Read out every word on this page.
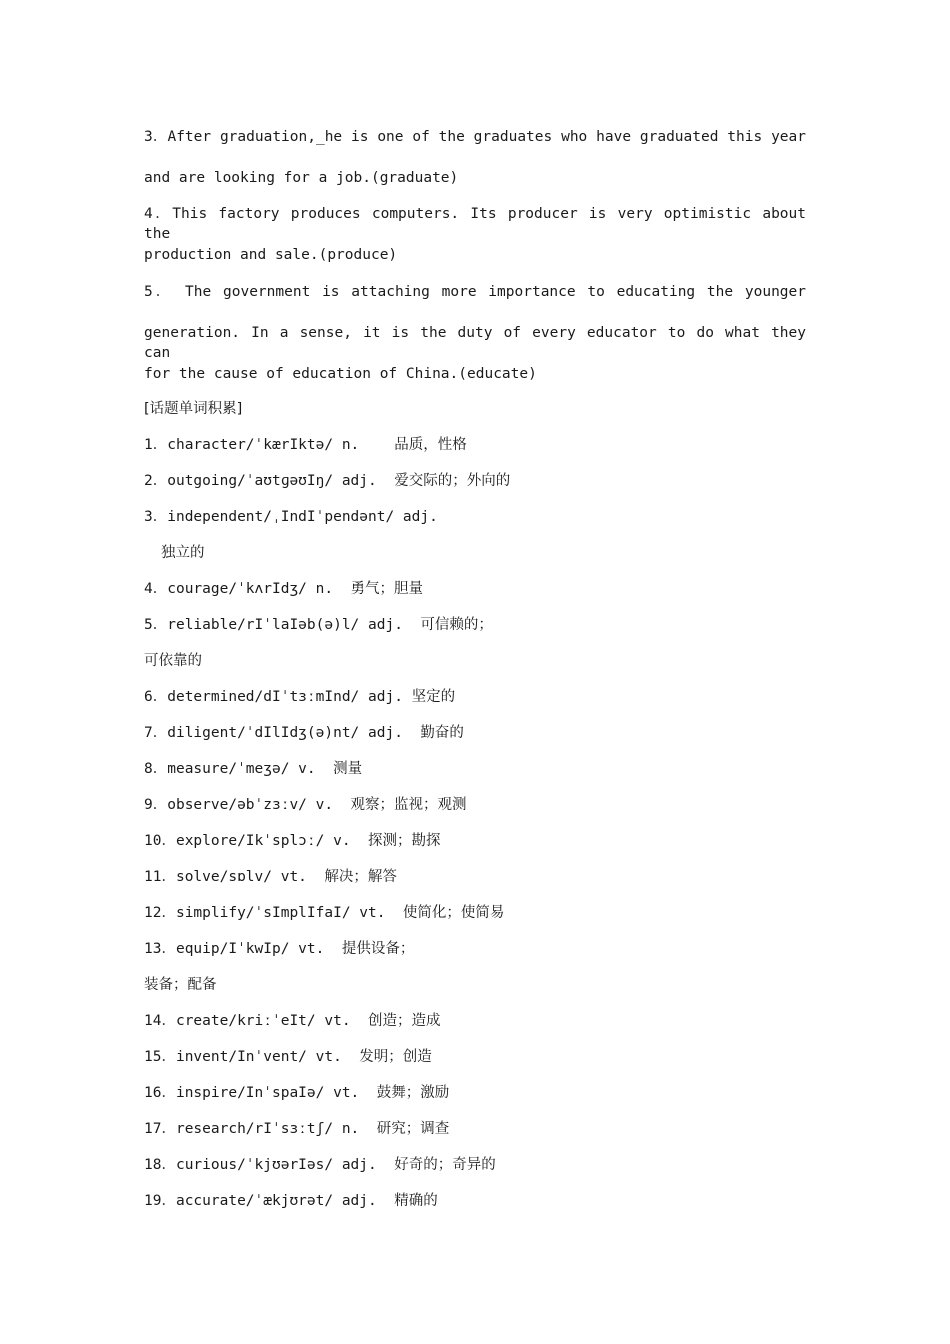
3．After graduation,_he is one of the graduates who have graduated this year
and are looking for a job.(graduate)
4．This factory produces computers. Its producer is very optimistic about the
production and sale.(produce)
5． The government is attaching more importance to educating the younger
generation. In a sense, it is the duty of every educator to do what they can
for the cause of education of China.(educate)
[话题单词积累]
1．character/ˈkærIktə/ n.    品质，性格
2．outgoing/ˈaʊtɡəʊIŋ/ adj.  爱交际的；外向的
3．independent/ˌIndIˈpendənt/ adj.
独立的
4．courage/ˈkʌrIdʒ/ n.  勇气；胆量
5．reliable/rIˈlaIəb(ə)l/ adj.  可信赖的；
可依靠的
6．determined/dIˈtɜːmInd/ adj. 坚定的
7．diligent/ˈdIlIdʒ(ə)nt/ adj.  勤奋的
8．measure/ˈmeʒə/ v.  测量
9．observe/əbˈzɜːv/ v.  观察；监视；观测
10．explore/Ikˈsplɔː/ v.  探测；勘探
11．solve/sɒlv/ vt.  解决；解答
12．simplify/ˈsImplIfaI/ vt.  使简化；使简易
13．equip/IˈkwIp/ vt.  提供设备；
装备；配备
14．create/kriːˈeIt/ vt.  创造；造成
15．invent/Inˈvent/ vt.  发明；创造
16．inspire/InˈspaIə/ vt.  鼓舞；激励
17．research/rIˈsɜːtʃ/ n.  研究；调查
18．curious/ˈkjʊərIəs/ adj.  好奇的；奇异的
19．accurate/ˈækjʊrət/ adj.  精确的
